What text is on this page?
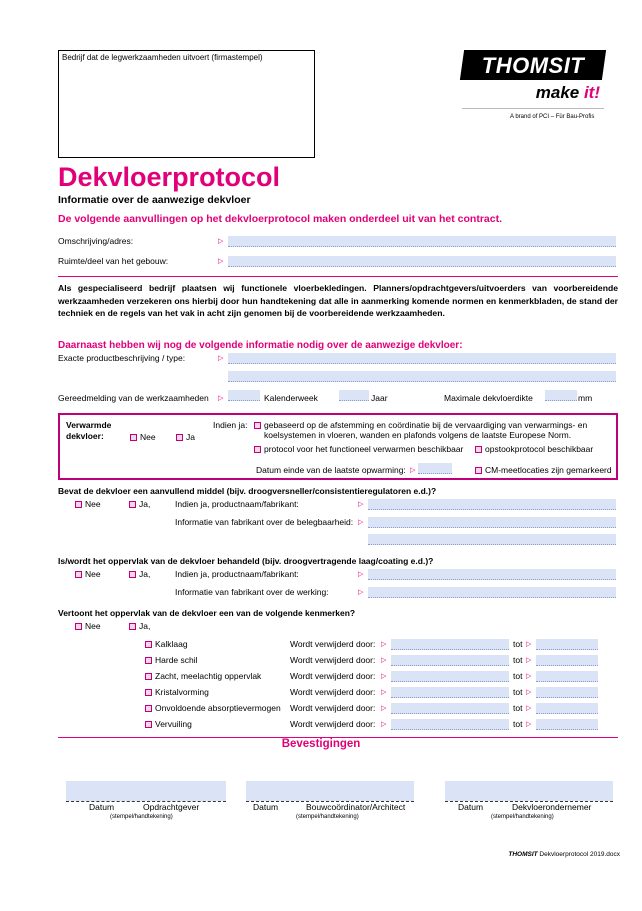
Bedrijf dat de legwerkzaamheden uitvoert (firmastempel)	THOMSIT
make it!
A brand of PCI – Für Bau-Profis
Dekvloerprotocol
Informatie over de aanwezige dekvloer
De volgende aanvullingen op het dekvloerprotocol maken onderdeel uit van het contract.
Omschrijving/adres:	▷
Ruimte/deel van het gebouw:	▷
Als gespecialiseerd bedrijf plaatsen wij functionele vloerbekledingen. Planners/opdrachtgevers/uitvoerders van voorbereidende werkzaamheden verzekeren ons hierbij door hun handtekening dat alle in aanmerking komende normen en kenmerkbladen, de stand der techniek en de regels van het vak in acht zijn genomen bij de voorbereidende werkzaamheden.
Daarnaast hebben wij nog de volgende informatie nodig over de aanwezige dekvloer:
Exacte productbeschrijving / type:	▷
Gereedmelding van de werkzaamheden ▷	Kalenderweek	Jaar	Maximale dekvloerdikte	mm
Verwarmde
dekvloer:	Nee	Ja
Indien ja: gebaseerd op de afstemming en coördinatie bij de vervaardiging van verwarmings- en
koelsystemen in vloeren, wanden en plafonds volgens de laatste Europese Norm.
protocol voor het functioneel verwarmen beschikbaar	opstookprotocol beschikbaar
Datum einde van de laatste opwarming: ▷	CM-meetlocaties zijn gemarkeerd
Bevat de dekvloer een aanvullend middel (bijv. droogversneller/consistentieregulatoren e.d.)?
Nee	Ja,	Indien ja, productnaam/fabrikant:	▷
Informatie van fabrikant over de belegbaarheid: ▷
Is/wordt het oppervlak van de dekvloer behandeld (bijv. droogvertragende laag/coating e.d.)?
Nee	Ja,	Indien ja, productnaam/fabrikant:	▷
Informatie van fabrikant over de werking:	▷
Vertoont het oppervlak van de dekvloer een van de volgende kenmerken?
Nee	Ja,
Kalklaag	Wordt verwijderd door: ▷	tot ▷
Harde schil	Wordt verwijderd door: ▷	tot ▷
Zacht, meelachtig oppervlak	Wordt verwijderd door: ▷	tot ▷
Kristalvorming	Wordt verwijderd door: ▷	tot ▷
Onvoldoende absorptievermogen Wordt verwijderd door: ▷	tot ▷
Vervuiling	Wordt verwijderd door: ▷	tot ▷
Bevestigingen
Datum	Opdrachtgever
(stempel/handtekening)
Datum	Bouwcoördinator/Architect
(stempel/handtekening)
Datum	Dekvloerondernemer
(stempel/handtekening)
THOMSIT Dekvloerprotocol 2019.docx
